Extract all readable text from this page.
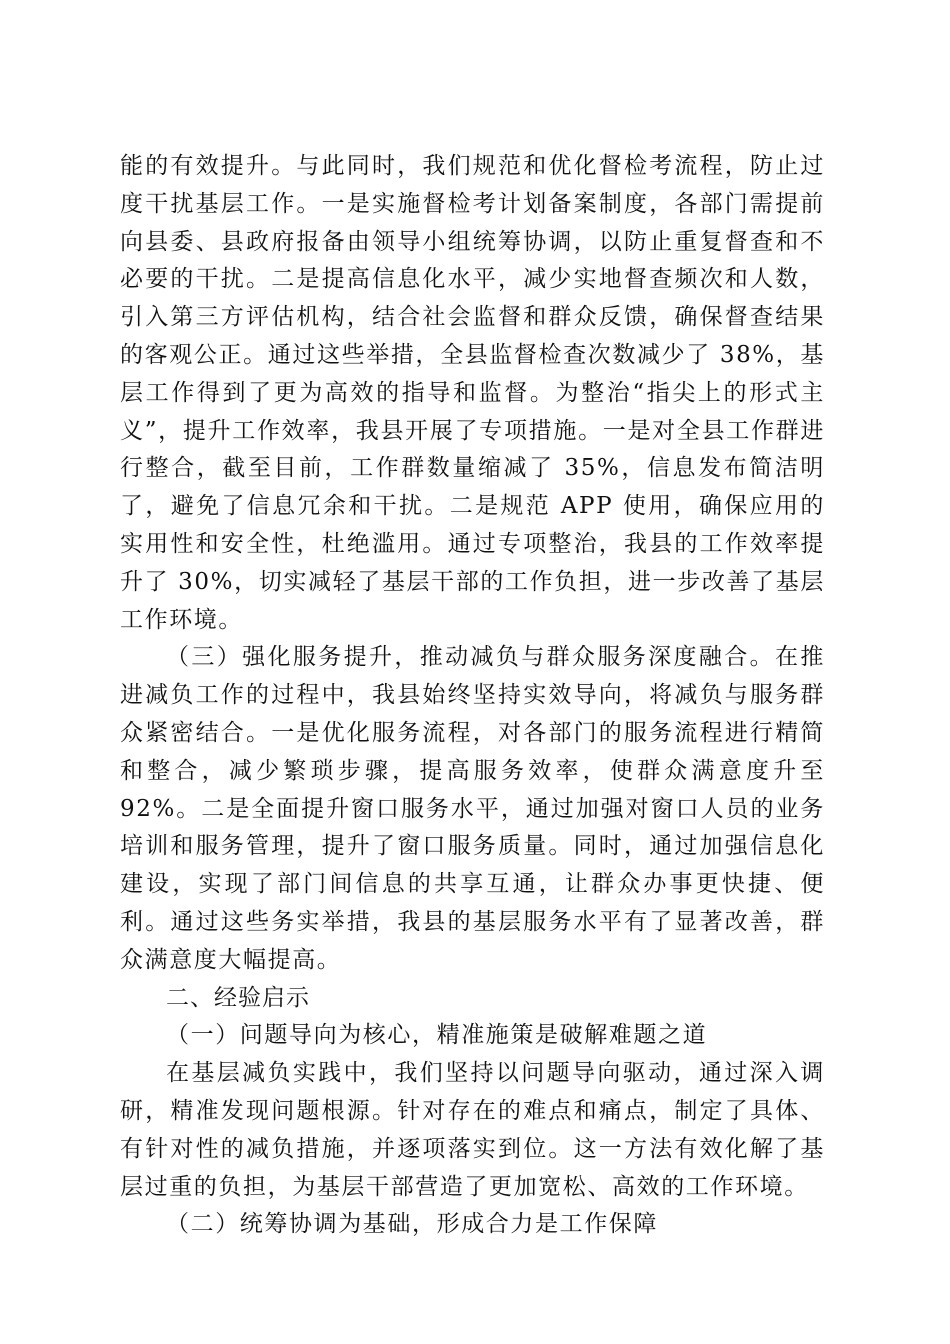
能的有效提升。与此同时，我们规范和优化督检考流程，防止过度干扰基层工作。一是实施督检考计划备案制度，各部门需提前向县委、县政府报备由领导小组统筹协调，以防止重复督查和不必要的干扰。二是提高信息化水平，减少实地督查频次和人数，引入第三方评估机构，结合社会监督和群众反馈，确保督查结果的客观公正。通过这些举措，全县监督检查次数减少了 38%，基层工作得到了更为高效的指导和监督。为整治“指尖上的形式主义”，提升工作效率，我县开展了专项措施。一是对全县工作群进行整合，截至目前，工作群数量缩减了 35%，信息发布简洁明了，避免了信息冗余和干扰。二是规范 APP 使用，确保应用的实用性和安全性，杜绝滥用。通过专项整治，我县的工作效率提升了 30%，切实减轻了基层干部的工作负担，进一步改善了基层工作环境。

（三）强化服务提升，推动减负与群众服务深度融合。在推进减负工作的过程中，我县始终坚持实效导向，将减负与服务群众紧密结合。一是优化服务流程，对各部门的服务流程进行精简和整合，减少繁琐步骤，提高服务效率，使群众满意度升至 92%。二是全面提升窗口服务水平，通过加强对窗口人员的业务培训和服务管理，提升了窗口服务质量。同时，通过加强信息化建设，实现了部门间信息的共享互通，让群众办事更快捷、便利。通过这些务实举措，我县的基层服务水平有了显著改善，群众满意度大幅提高。

二、经验启示

（一）问题导向为核心，精准施策是破解难题之道

在基层减负实践中，我们坚持以问题导向驱动，通过深入调研，精准发现问题根源。针对存在的难点和痛点，制定了具体、有针对性的减负措施，并逐项落实到位。这一方法有效化解了基层过重的负担，为基层干部营造了更加宽松、高效的工作环境。

（二）统筹协调为基础，形成合力是工作保障
